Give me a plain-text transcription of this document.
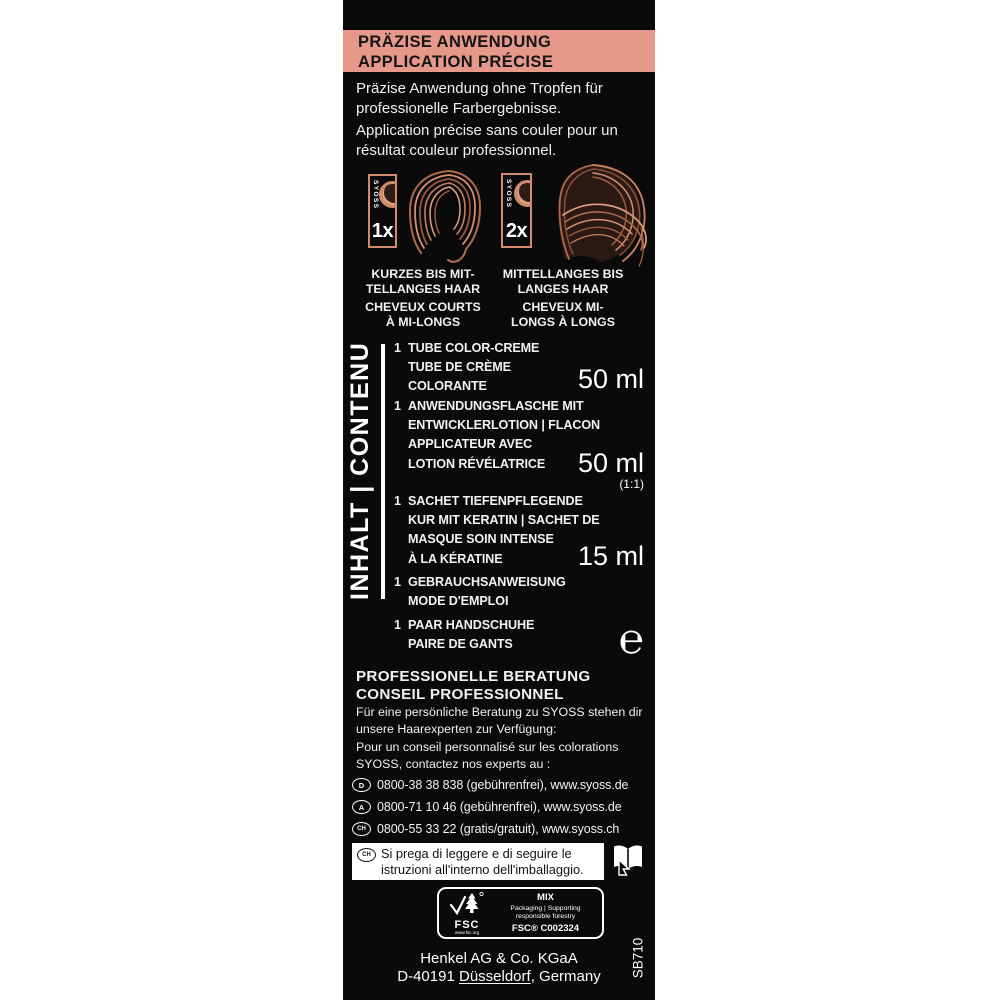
PRÄZISE ANWENDUNG
APPLICATION PRÉCISE
Präzise Anwendung ohne Tropfen für professionelle Farbergebnisse.
Application précise sans couler pour un résultat couleur professionnel.
SYOSS
1x
SYOSS
2x
KURZES BIS MIT-
TELLANGES HAAR
MITTELLANGES BIS
LANGES HAAR
CHEVEUX COURTS
À MI-LONGS
CHEVEUX MI-
LONGS À LONGS
INHALT | CONTENU 1 TUBE COLOR-CREME
TUBE DE CRÈME
COLORANTE	50 ml
1 ANWENDUNGSFLASCHE MIT
ENTWICKLERLOTION | FLACON
APPLICATEUR AVEC
LOTION RÉVÉLATRICE	50 ml
(1:1)
1 SACHET TIEFENPFLEGENDE
KUR MIT KERATIN | SACHET DE
MASQUE SOIN INTENSE
À LA KÉRATINE	15 ml
1 GEBRAUCHSANWEISUNG
MODE D'EMPLOI
1 PAAR HANDSCHUHE
PAIRE DE GANTS	℮
PROFESSIONELLE BERATUNG
CONSEIL PROFESSIONNEL
Für eine persönliche Beratung zu SYOSS stehen dir unsere Haarexperten zur Verfügung:
Pour un conseil personnalisé sur les colorations SYOSS, contactez nos experts au :
D	0800-38 38 838 (gebührenfrei), www.syoss.de
A	0800-71 10 46 (gebührenfrei), www.syoss.de
CH 0800-55 33 22 (gratis/gratuit), www.syoss.ch
CH Si prega di leggere e di seguire le istruzioni all'interno dell'imballaggio.
FSC
www.fsc.org
MIX
Packaging | Supporting
responsible forestry
FSC® C002324
Henkel AG & Co. KGaA
D-40191 Düsseldorf, Germany	SB710
